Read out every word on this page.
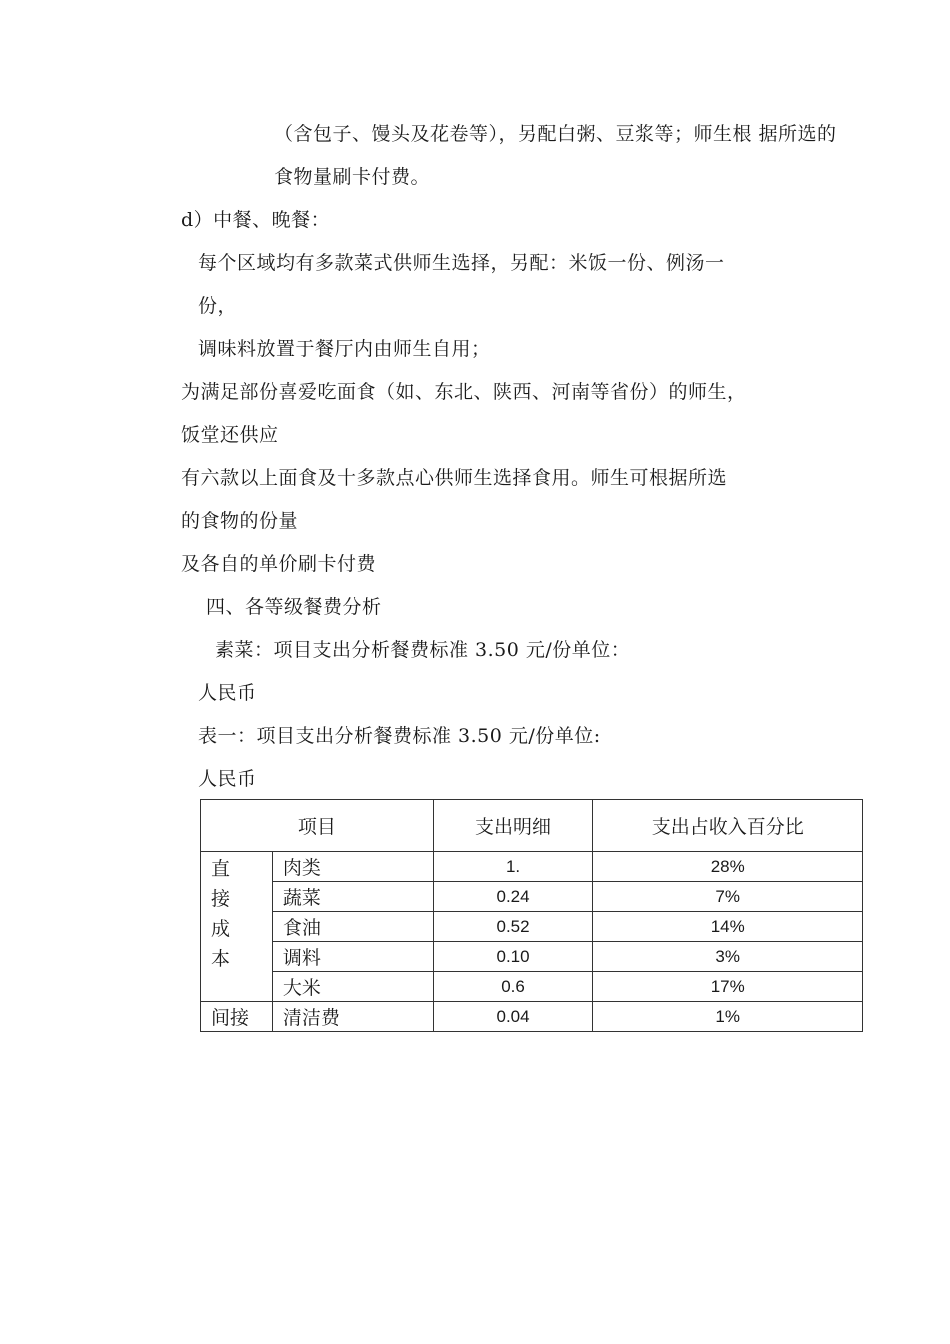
（含包子、馒头及花卷等），另配白粥、豆浆等；师生根 据所选的
食物量刷卡付费。
d）中餐、晚餐：
每个区域均有多款菜式供师生选择，另配：米饭一份、例汤一
份，
调味料放置于餐厅内由师生自用；
为满足部份喜爱吃面食（如、东北、陕西、河南等省份）的师生，
饭堂还供应
有六款以上面食及十多款点心供师生选择食用。师生可根据所选
的食物的份量
及各自的单价刷卡付费
四、各等级餐费分析
素菜：项目支出分析餐费标准 3.50 元/份单位：
人民币
表一：项目支出分析餐费标准 3.50 元/份单位:
人民币
项目		支出明细	支出占收入百分比
直
接
成
本	肉类	1.	28%
	蔬菜	0.24	7%
	食油	0.52	14%
	调料	0.10	3%
	大米	0.6	17%
间接	清洁费	0.04	1%
